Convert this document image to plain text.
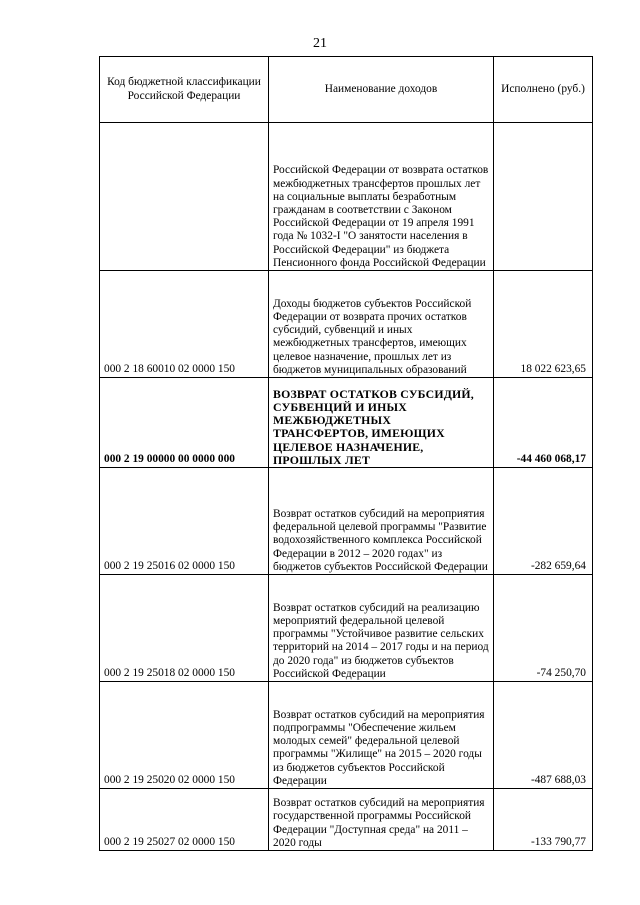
21
Код бюджетной классификации Российской Федерации	Наименование доходов	Исполнено (руб.)
	Российской Федерации от возврата остатков межбюджетных трансфертов прошлых лет на социальные выплаты безработным гражданам в соответствии с Законом Российской Федерации от 19 апреля 1991 года № 1032-I "О занятости населения в Российской Федерации" из бюджета Пенсионного фонда Российской Федерации	
000 2 18 60010 02 0000 150	Доходы бюджетов субъектов Российской Федерации от возврата прочих остатков субсидий, субвенций и иных межбюджетных трансфертов, имеющих целевое назначение, прошлых лет из бюджетов муниципальных образований	18 022 623,65
000 2 19 00000 00 0000 000	ВОЗВРАТ ОСТАТКОВ СУБСИДИЙ, СУБВЕНЦИЙ И ИНЫХ МЕЖБЮДЖЕТНЫХ ТРАНСФЕРТОВ, ИМЕЮЩИХ ЦЕЛЕВОЕ НАЗНАЧЕНИЕ, ПРОШЛЫХ ЛЕТ	-44 460 068,17
000 2 19 25016 02 0000 150	Возврат остатков субсидий на мероприятия федеральной целевой программы "Развитие водохозяйственного комплекса Российской Федерации в 2012 – 2020 годах" из бюджетов субъектов Российской Федерации	-282 659,64
000 2 19 25018 02 0000 150	Возврат остатков субсидий на реализацию мероприятий федеральной целевой программы "Устойчивое развитие сельских территорий на 2014 – 2017 годы и на период до 2020 года" из бюджетов субъектов Российской Федерации	-74 250,70
000 2 19 25020 02 0000 150	Возврат остатков субсидий на мероприятия подпрограммы "Обеспечение жильем молодых семей" федеральной целевой программы "Жилище" на 2015 – 2020 годы из бюджетов субъектов Российской Федерации	-487 688,03
000 2 19 25027 02 0000 150	Возврат остатков субсидий на мероприятия государственной программы Российской Федерации "Доступная среда" на 2011 – 2020 годы	-133 790,77
